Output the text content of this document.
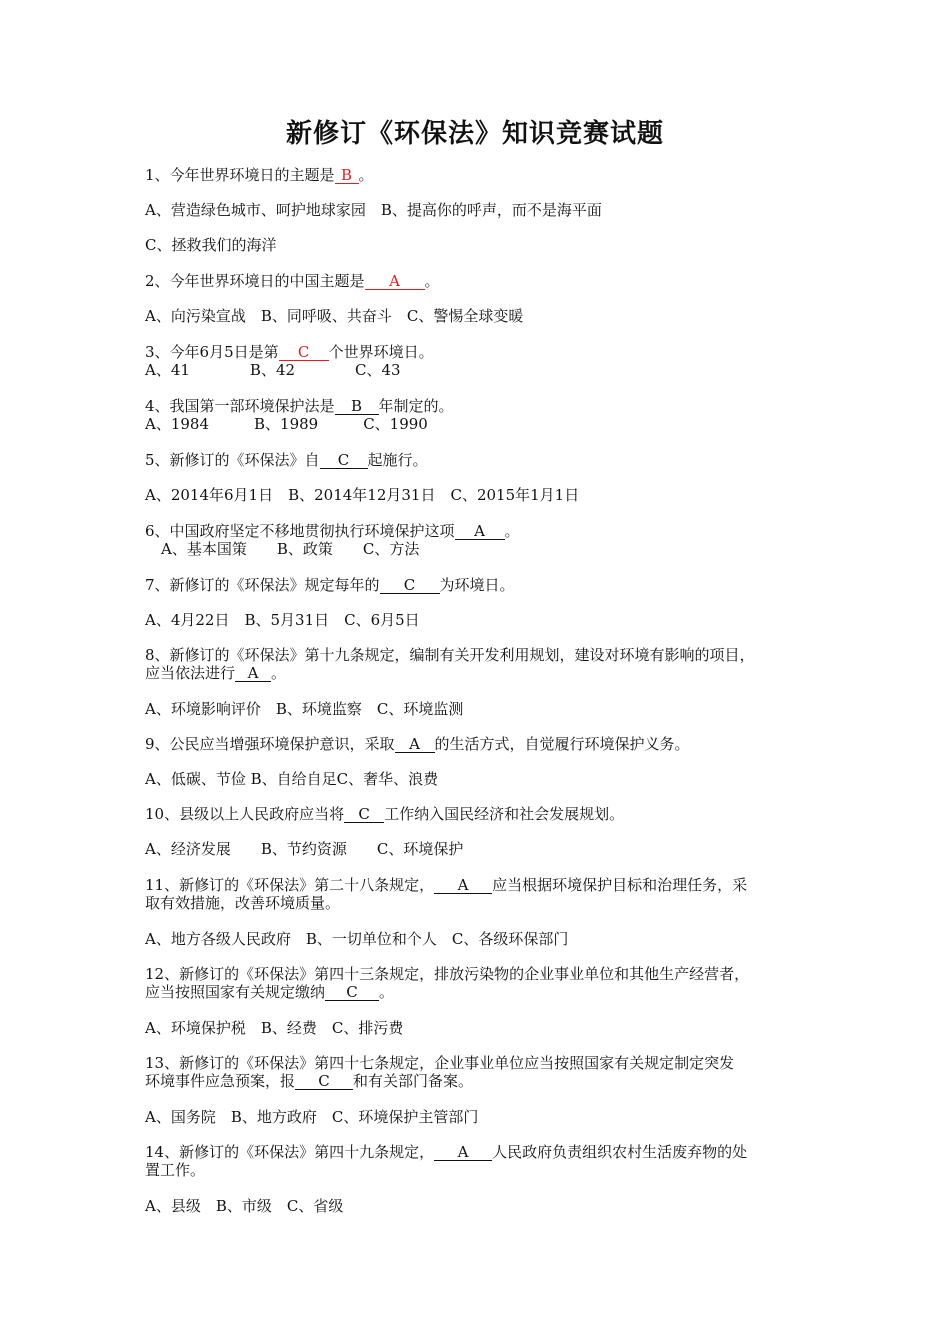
新修订《环保法》知识竞赛试题
1、今年世界环境日的主题是 B 。
A、营造绿色城市、呵护地球家园　B、提高你的呼声，而不是海平面
C、拯救我们的海洋
2、今年世界环境日的中国主题是 A 。
A、向污染宣战　B、同呼吸、共奋斗　C、警惕全球变暖
3、今年6月5日是第 C 个世界环境日。
A、41　　　　B、42　　　　C、43
4、我国第一部环境保护法是 B 年制定的。
A、1984　　　B、1989　　　C、1990
5、新修订的《环保法》自 C 起施行。
A、2014年6月1日　B、2014年12月31日　C、2015年1月1日
6、中国政府坚定不移地贯彻执行环境保护这项 A 。
A、基本国策　　B、政策　　C、方法
7、新修订的《环保法》规定每年的 C 为环境日。
A、4月22日　B、5月31日　C、6月5日
8、新修订的《环保法》第十九条规定，编制有关开发利用规划，建设对环境有影响的项目，
应当依法进行 A 。
A、环境影响评价　B、环境监察　C、环境监测
9、公民应当增强环境保护意识，采取 A 的生活方式，自觉履行环境保护义务。
A、低碳、节俭 B、自给自足C、奢华、浪费
10、县级以上人民政府应当将 C 工作纳入国民经济和社会发展规划。
A、经济发展　　B、节约资源　　C、环境保护
11、新修订的《环保法》第二十八条规定， A 应当根据环境保护目标和治理任务，采
取有效措施，改善环境质量。
A、地方各级人民政府　B、一切单位和个人　C、各级环保部门
12、新修订的《环保法》第四十三条规定，排放污染物的企业事业单位和其他生产经营者，
应当按照国家有关规定缴纳 C 。
A、环境保护税　B、经费　C、排污费
13、新修订的《环保法》第四十七条规定，企业事业单位应当按照国家有关规定制定突发
环境事件应急预案，报 C 和有关部门备案。
A、国务院　B、地方政府　C、环境保护主管部门
14、新修订的《环保法》第四十九条规定， A 人民政府负责组织农村生活废弃物的处
置工作。
A、县级　B、市级　C、省级
